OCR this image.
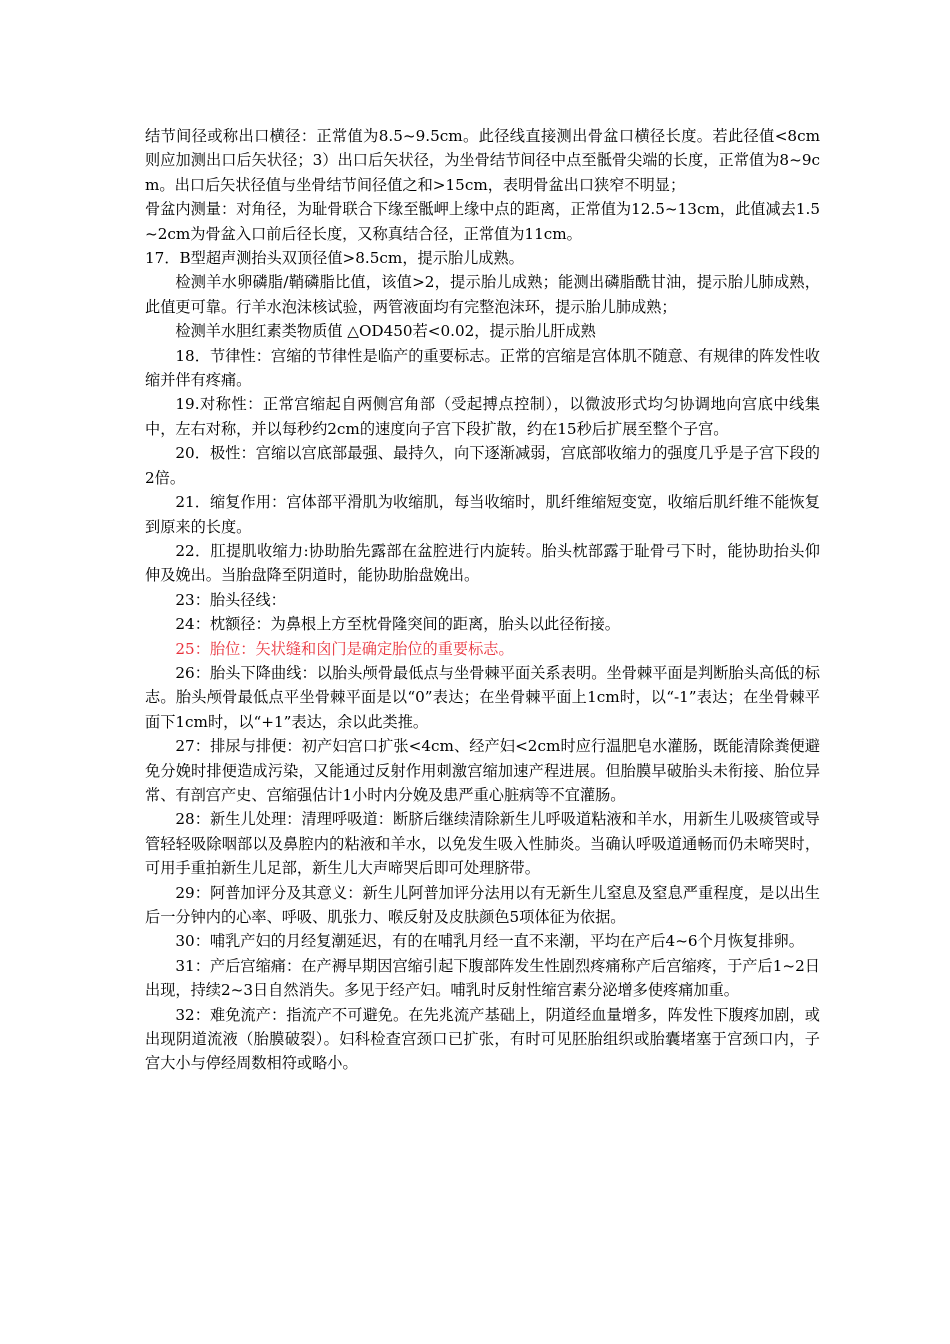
结节间径或称出口横径：正常值为8.5~9.5cm。此径线直接测出骨盆口横径长度。若此径值<8cm则应加测出口后矢状径；3）出口后矢状径，为坐骨结节间径中点至骶骨尖端的长度，正常值为8~9cm。出口后矢状径值与坐骨结节间径值之和>15cm，表明骨盆出口狭窄不明显；

骨盆内测量：对角径，为耻骨联合下缘至骶岬上缘中点的距离，正常值为12.5~13cm，此值减去1.5~2cm为骨盆入口前后径长度，又称真结合径，正常值为11cm。

17．B型超声测抬头双顶径值>8.5cm，提示胎儿成熟。

检测羊水卵磷脂/鞘磷脂比值，该值>2，提示胎儿成熟；能测出磷脂酰甘油，提示胎儿肺成熟，此值更可靠。行羊水泡沫核试验，两管液面均有完整泡沫环，提示胎儿肺成熟；

检测羊水胆红素类物质值 △OD450若<0.02，提示胎儿肝成熟

18．节律性：宫缩的节律性是临产的重要标志。正常的宫缩是宫体肌不随意、有规律的阵发性收缩并伴有疼痛。

19.对称性：正常宫缩起自两侧宫角部（受起搏点控制），以微波形式均匀协调地向宫底中线集中，左右对称，并以每秒约2cm的速度向子宫下段扩散，约在15秒后扩展至整个子宫。

20．极性：宫缩以宫底部最强、最持久，向下逐渐减弱，宫底部收缩力的强度几乎是子宫下段的2倍。

21．缩复作用：宫体部平滑肌为收缩肌，每当收缩时，肌纤维缩短变宽，收缩后肌纤维不能恢复到原来的长度。

22．肛提肌收缩力:协助胎先露部在盆腔进行内旋转。胎头枕部露于耻骨弓下时，能协助抬头仰伸及娩出。当胎盘降至阴道时，能协助胎盘娩出。

23：胎头径线：

24：枕额径：为鼻根上方至枕骨隆突间的距离，胎头以此径衔接。

25：胎位：矢状缝和囟门是确定胎位的重要标志。

26：胎头下降曲线：以胎头颅骨最低点与坐骨棘平面关系表明。坐骨棘平面是判断胎头高低的标志。胎头颅骨最低点平坐骨棘平面是以“0”表达；在坐骨棘平面上1cm时，以“-1”表达；在坐骨棘平面下1cm时，以“+1”表达，余以此类推。

27：排尿与排便：初产妇宫口扩张<4cm、经产妇<2cm时应行温肥皂水灌肠，既能清除粪便避免分娩时排便造成污染，又能通过反射作用刺激宫缩加速产程进展。但胎膜早破胎头未衔接、胎位异常、有剖宫产史、宫缩强估计1小时内分娩及患严重心脏病等不宜灌肠。

28：新生儿处理：清理呼吸道：断脐后继续清除新生儿呼吸道粘液和羊水，用新生儿吸痰管或导管轻轻吸除咽部以及鼻腔内的粘液和羊水，以免发生吸入性肺炎。当确认呼吸道通畅而仍未啼哭时，可用手重拍新生儿足部，新生儿大声啼哭后即可处理脐带。

29：阿普加评分及其意义：新生儿阿普加评分法用以有无新生儿窒息及窒息严重程度，是以出生后一分钟内的心率、呼吸、肌张力、喉反射及皮肤颜色5项体征为依据。

30：哺乳产妇的月经复潮延迟，有的在哺乳月经一直不来潮，平均在产后4~6个月恢复排卵。

31：产后宫缩痛：在产褥早期因宫缩引起下腹部阵发生性剧烈疼痛称产后宫缩疼，于产后1~2日出现，持续2~3日自然消失。多见于经产妇。哺乳时反射性缩宫素分泌增多使疼痛加重。

32：难免流产：指流产不可避免。在先兆流产基础上，阴道经血量增多，阵发性下腹疼加剧，或出现阴道流液（胎膜破裂）。妇科检查宫颈口已扩张，有时可见胚胎组织或胎囊堵塞于宫颈口内，子宫大小与停经周数相符或略小。
